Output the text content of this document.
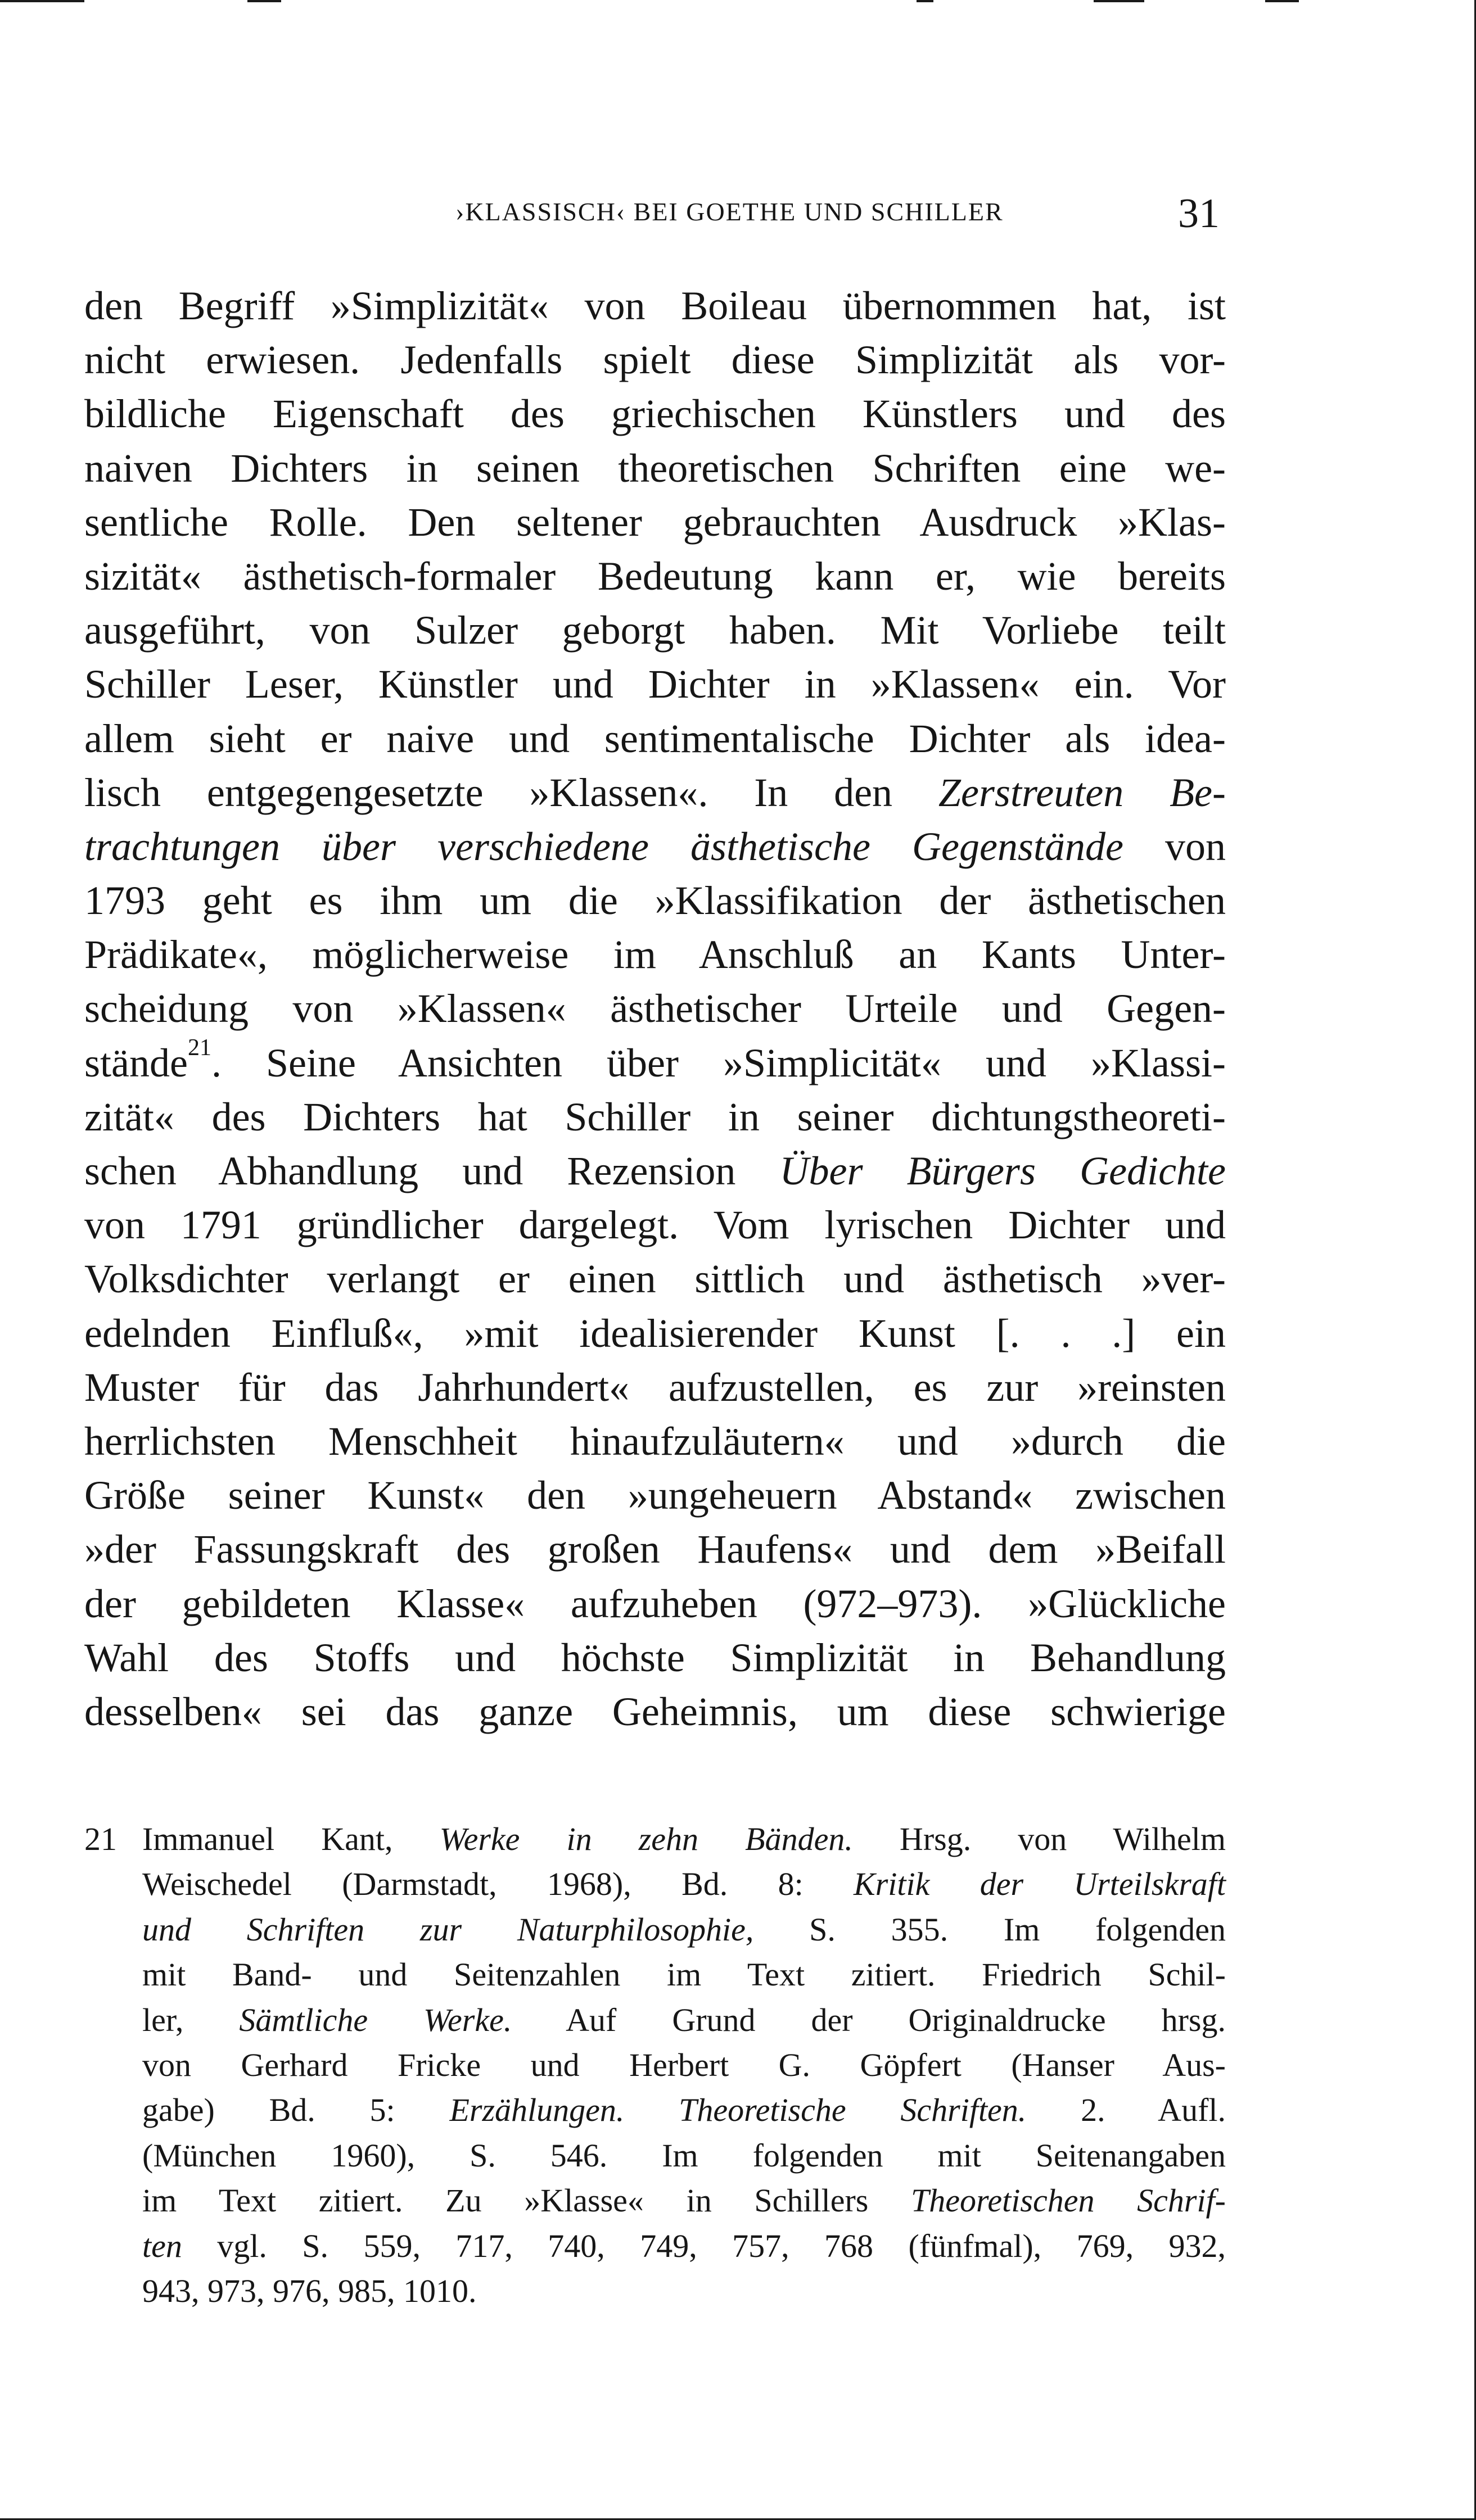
›KLASSISCH‹ BEI GOETHE UND SCHILLER	31
den Begriff »Simplizität« von Boileau übernommen hat, ist
nicht erwiesen. Jedenfalls spielt diese Simplizität als vor-
bildliche Eigenschaft des griechischen Künstlers und des
naiven Dichters in seinen theoretischen Schriften eine we-
sentliche Rolle. Den seltener gebrauchten Ausdruck »Klas-
sizität« ästhetisch-formaler Bedeutung kann er, wie bereits
ausgeführt, von Sulzer geborgt haben. Mit Vorliebe teilt
Schiller Leser, Künstler und Dichter in »Klassen« ein. Vor
allem sieht er naive und sentimentalische Dichter als idea-
lisch entgegengesetzte »Klassen«. In den Zerstreuten Be-
trachtungen über verschiedene ästhetische Gegenstände von
1793 geht es ihm um die »Klassifikation der ästhetischen
Prädikate«, möglicherweise im Anschluß an Kants Unter-
scheidung von »Klassen« ästhetischer Urteile und Gegen-
stände$^{21}$. Seine Ansichten über »Simplicität« und »Klassi-
zität« des Dichters hat Schiller in seiner dichtungstheoreti-
schen Abhandlung und Rezension Über Bürgers Gedichte
von 1791 gründlicher dargelegt. Vom lyrischen Dichter und
Volksdichter verlangt er einen sittlich und ästhetisch »ver-
edelnden Einfluß«, »mit idealisierender Kunst [. . .] ein
Muster für das Jahrhundert« aufzustellen, es zur »reinsten
herrlichsten Menschheit hinaufzuläutern« und »durch die
Größe seiner Kunst« den »ungeheuern Abstand« zwischen
»der Fassungskraft des großen Haufens« und dem »Beifall
der gebildeten Klasse« aufzuheben (972–973). »Glückliche
Wahl des Stoffs und höchste Simplizität in Behandlung
desselben« sei das ganze Geheimnis, um diese schwierige
21 Immanuel Kant, Werke in zehn Bänden. Hrsg. von Wilhelm
Weischedel (Darmstadt, 1968), Bd. 8: Kritik der Urteilskraft
und Schriften zur Naturphilosophie, S. 355. Im folgenden
mit Band- und Seitenzahlen im Text zitiert. Friedrich Schil-
ler, Sämtliche Werke. Auf Grund der Originaldrucke hrsg.
von Gerhard Fricke und Herbert G. Göpfert (Hanser Aus-
gabe) Bd. 5: Erzählungen. Theoretische Schriften. 2. Aufl.
(München 1960), S. 546. Im folgenden mit Seitenangaben
im Text zitiert. Zu »Klasse« in Schillers Theoretischen Schrif-
ten vgl. S. 559, 717, 740, 749, 757, 768 (fünfmal), 769, 932,
943, 973, 976, 985, 1010.
